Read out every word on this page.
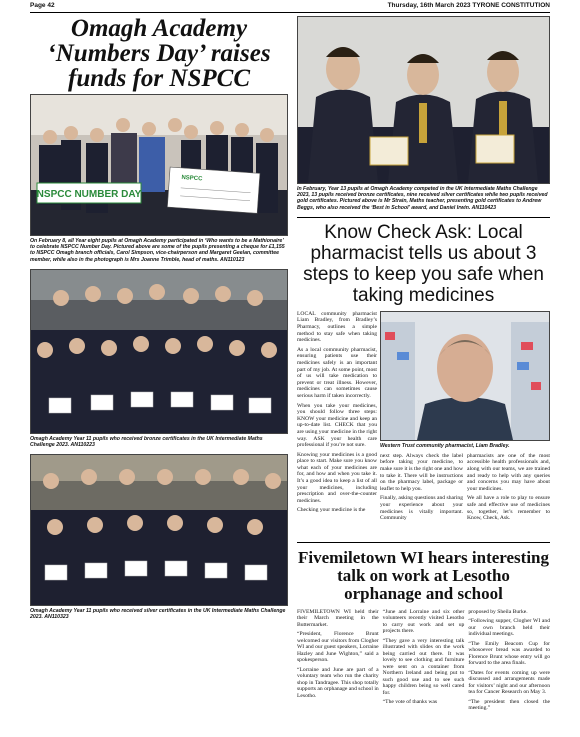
Page 42	Thursday, 16th March 2023 TYRONE CONSTITUTION
Omagh Academy ‘Numbers Day’ raises funds for NSPCC
NSPCC NUMBER DAY
NSPCC
On February 8, all Year eight pupils at Omagh Academy participated in ‘Who wants to be a Mathionaire’ to celebrate NSPCC Number Day. Pictured above are some of the pupils presenting a cheque for £1,155 to NSPCC Omagh branch officials, Carol Simpson, vice-chairperson and Margaret Geelan, committee member, while also in the photograph is Mrs Joanne Trimble, head of maths. AN110123
Omagh Academy Year 11 pupils who received bronze certificates in the UK Intermediate Maths Challenge 2023. AN110223
Omagh Academy Year 11 pupils who received silver certificates in the UK Intermediate Maths Challenge 2023. AN110323
In February, Year 13 pupils at Omagh Academy competed in the UK Intermediate Maths Challenge 2023, 13 pupils received bronze certificates, nine received silver certificates while two pupils received gold certificates. Pictured above is Mr Strain, Maths teacher, presenting gold certificates to Andrew Beggs, who also received the ‘Best in School’ award, and Daniel Irwin. AN110423
Know Check Ask: Local pharmacist tells us about 3 steps to keep you safe when taking medicines

LOCAL community pharmacist Liam Bradley, from Bradley’s Pharmacy, outlines a simple method to stay safe when taking medicines.

As a local community pharmacist, ensuring patients use their medicines safely is an important part of my job. At some point, most of us will take medication to prevent or treat illness. However, medicines can sometimes cause serious harm if taken incorrectly.

When you take your medicines, you should follow three steps: KNOW your medicine and keep an up-to-date list. CHECK that you are using your medicine in the right way. ASK your health care professional if you’re not sure.

Knowing your medicines is a good place to start. Make sure you know what each of your medicines are for, and how and when you take it. It’s a good idea to keep a list of all your medicines, including prescription and over-the-counter medicines.

Checking your medicine is the

Western Trust community pharmacist, Liam Bradley.

next step. Always check the label before taking your medicine, to make sure it is the right one and how to take it. There will be instructions on the pharmacy label, package or leaflet to help you.

Finally, asking questions and sharing your experience about your medicines is vitally important. Community

pharmacists are one of the most accessible health professionals and, along with our teams, we are trained and ready to help with any queries and concerns you may have about your medicines.

We all have a role to play to ensure safe and effective use of medicines so, together, let’s remember to Know, Check, Ask.

Fivemiletown WI hears interesting talk on work at Lesotho orphanage and school

FIVEMILETOWN WI held their their March meeting in the Buttermarket.

“President, Florence Brunt welcomed our visitors from Clogher WI and our guest speakers, Lorraine Hazley and June Wighton,” said a spokesperson.

“Lorraine and June are part of a voluntary team who run the charity shop in Tandragee. This shop totally supports an orphanage and school in Lesotho.

“June and Lorraine and six other volunteers recently visited Lesotho to carry out work and set up projects there.

“They gave a very interesting talk illustrated with slides on the work being carried out there. It was lovely to see clothing and furniture were sent on a container from Northern Ireland and being put to such good use and to see such happy children being so well cared for.

“The vote of thanks was

proposed by Sheila Burke.

“Following supper, Clogher WI and our own branch held their individual meetings.

“The Emily Beacom Cup for whosoever bread was awarded to Florence Brunt whose entry will go forward to the area finals.

“Dates for events coming up were discussed and arrangements made for visitors’ night and our afternoon tea for Cancer Research on May 3.

“The president then closed the meeting.”
